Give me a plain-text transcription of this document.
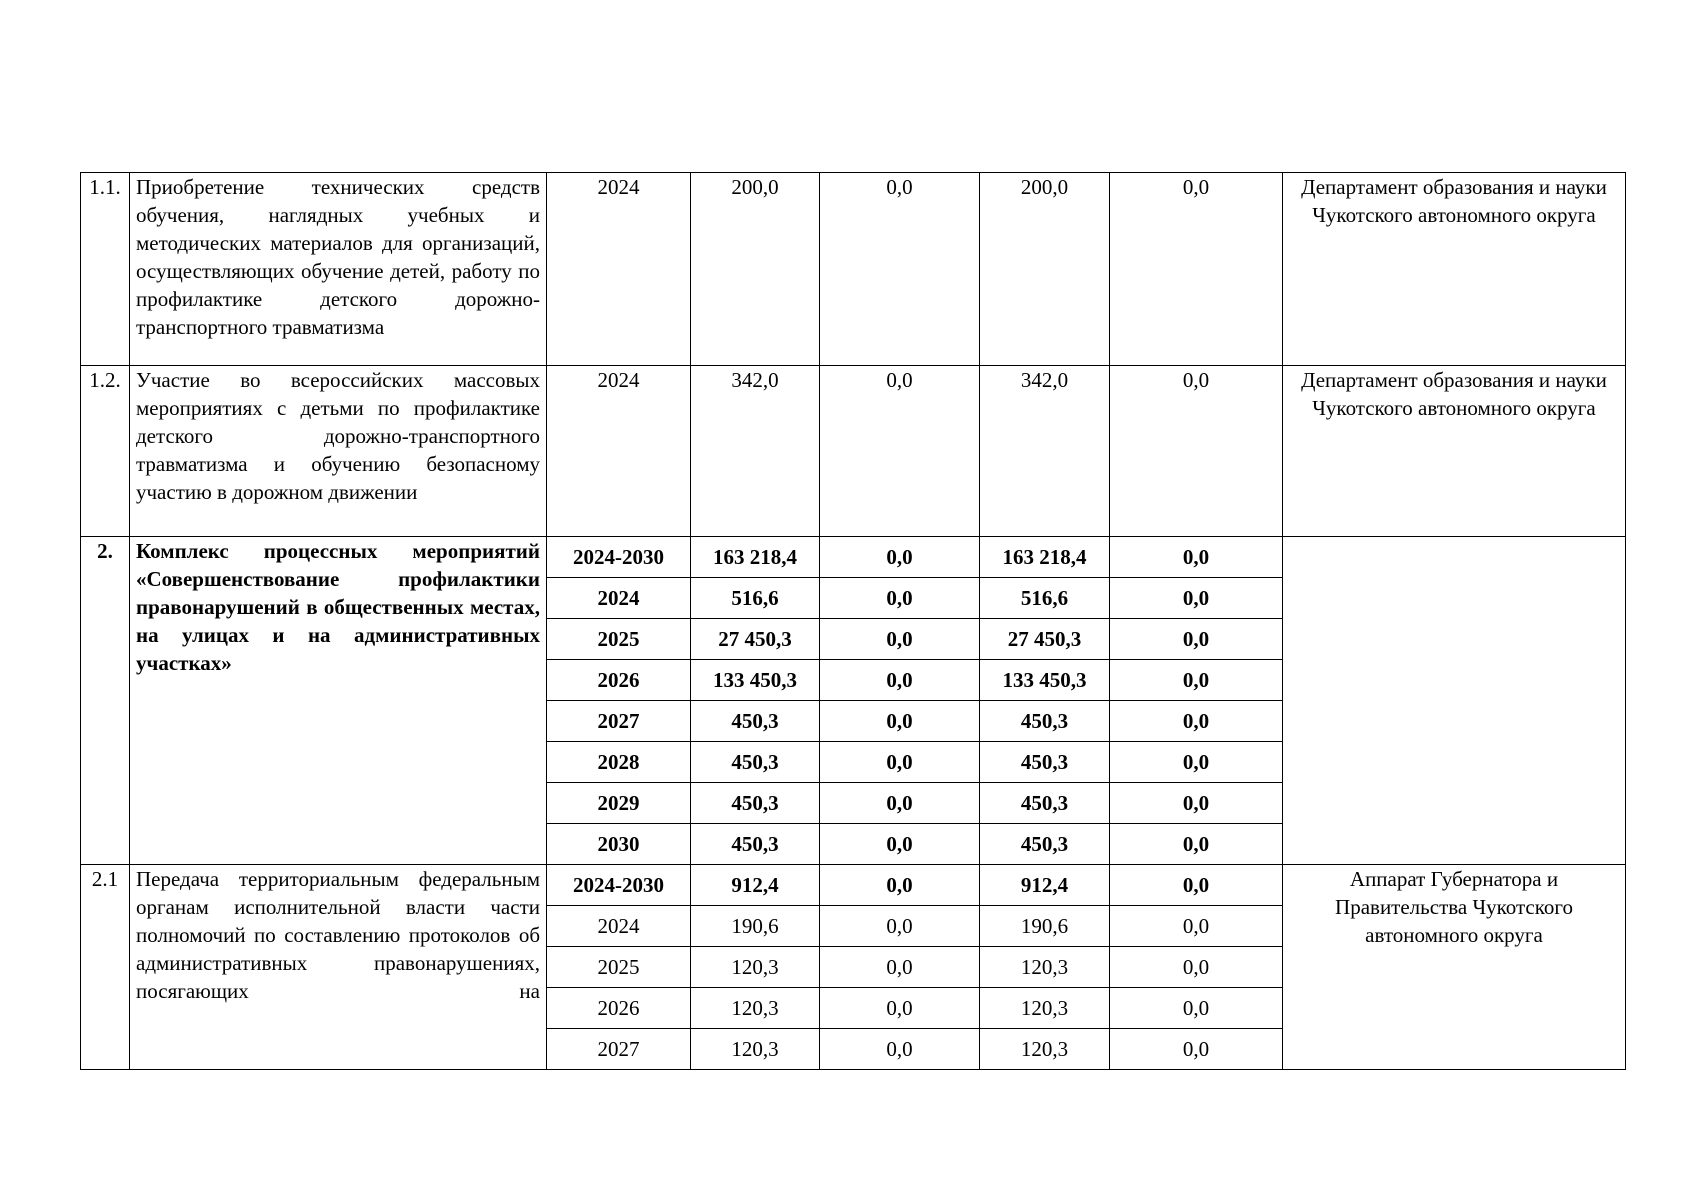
1.1.	Приобретение технических средств обучения, наглядных учебных и методических материалов для организаций, осуществляющих обучение детей, работу по профилактике детского дорожно-транспортного травматизма	2024	200,0	0,0	200,0	0,0	Департамент образования и науки Чукотского автономного округа
1.2.	Участие во всероссийских массовых мероприятиях с детьми по профилактике детского дорожно-транспортного травматизма и обучению безопасному участию в дорожном движении	2024	342,0	0,0	342,0	0,0	Департамент образования и науки Чукотского автономного округа
2.	Комплекс процессных мероприятий «Совершенствование профилактики правонарушений в общественных местах, на улицах и на административных участках»	2024-2030	163 218,4	0,0	163 218,4	0,0	
		2024	516,6	0,0	516,6	0,0	
		2025	27 450,3	0,0	27 450,3	0,0	
		2026	133 450,3	0,0	133 450,3	0,0	
		2027	450,3	0,0	450,3	0,0	
		2028	450,3	0,0	450,3	0,0	
		2029	450,3	0,0	450,3	0,0	
		2030	450,3	0,0	450,3	0,0	
2.1	Передача территориальным федеральным органам исполнительной власти части полномочий по составлению протоколов об административных правонарушениях, посягающих на	2024-2030	912,4	0,0	912,4	0,0	Аппарат Губернатора и Правительства Чукотского автономного округа
		2024	190,6	0,0	190,6	0,0	
		2025	120,3	0,0	120,3	0,0	
		2026	120,3	0,0	120,3	0,0	
		2027	120,3	0,0	120,3	0,0	
